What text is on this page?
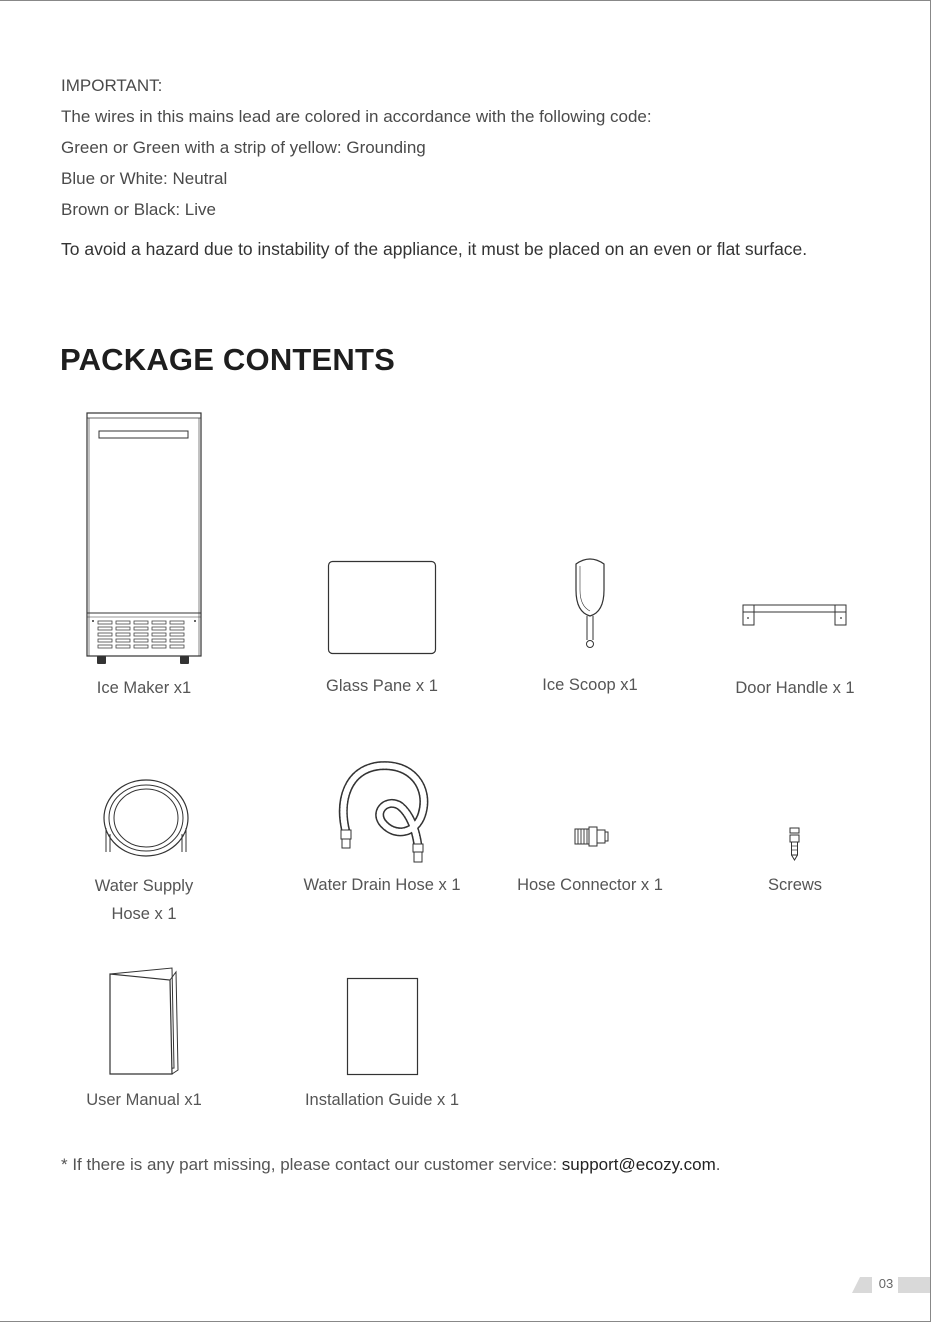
IMPORTANT:
The wires in this mains lead are colored in accordance with the following code:
Green or Green with a strip of yellow: Grounding
Blue or White: Neutral
Brown or Black: Live
To avoid a hazard due to instability of the appliance, it must be placed on an even or flat surface.
PACKAGE CONTENTS
Ice Maker x1	Glass Pane x 1	Ice Scoop x1	Door Handle x 1
Water Supply
Hose x 1
Water Drain Hose x 1	Hose Connector x 1	Screws
User Manual x1	Installation Guide x 1
* If there is any part missing, please contact our customer service: support@ecozy.com.
03
